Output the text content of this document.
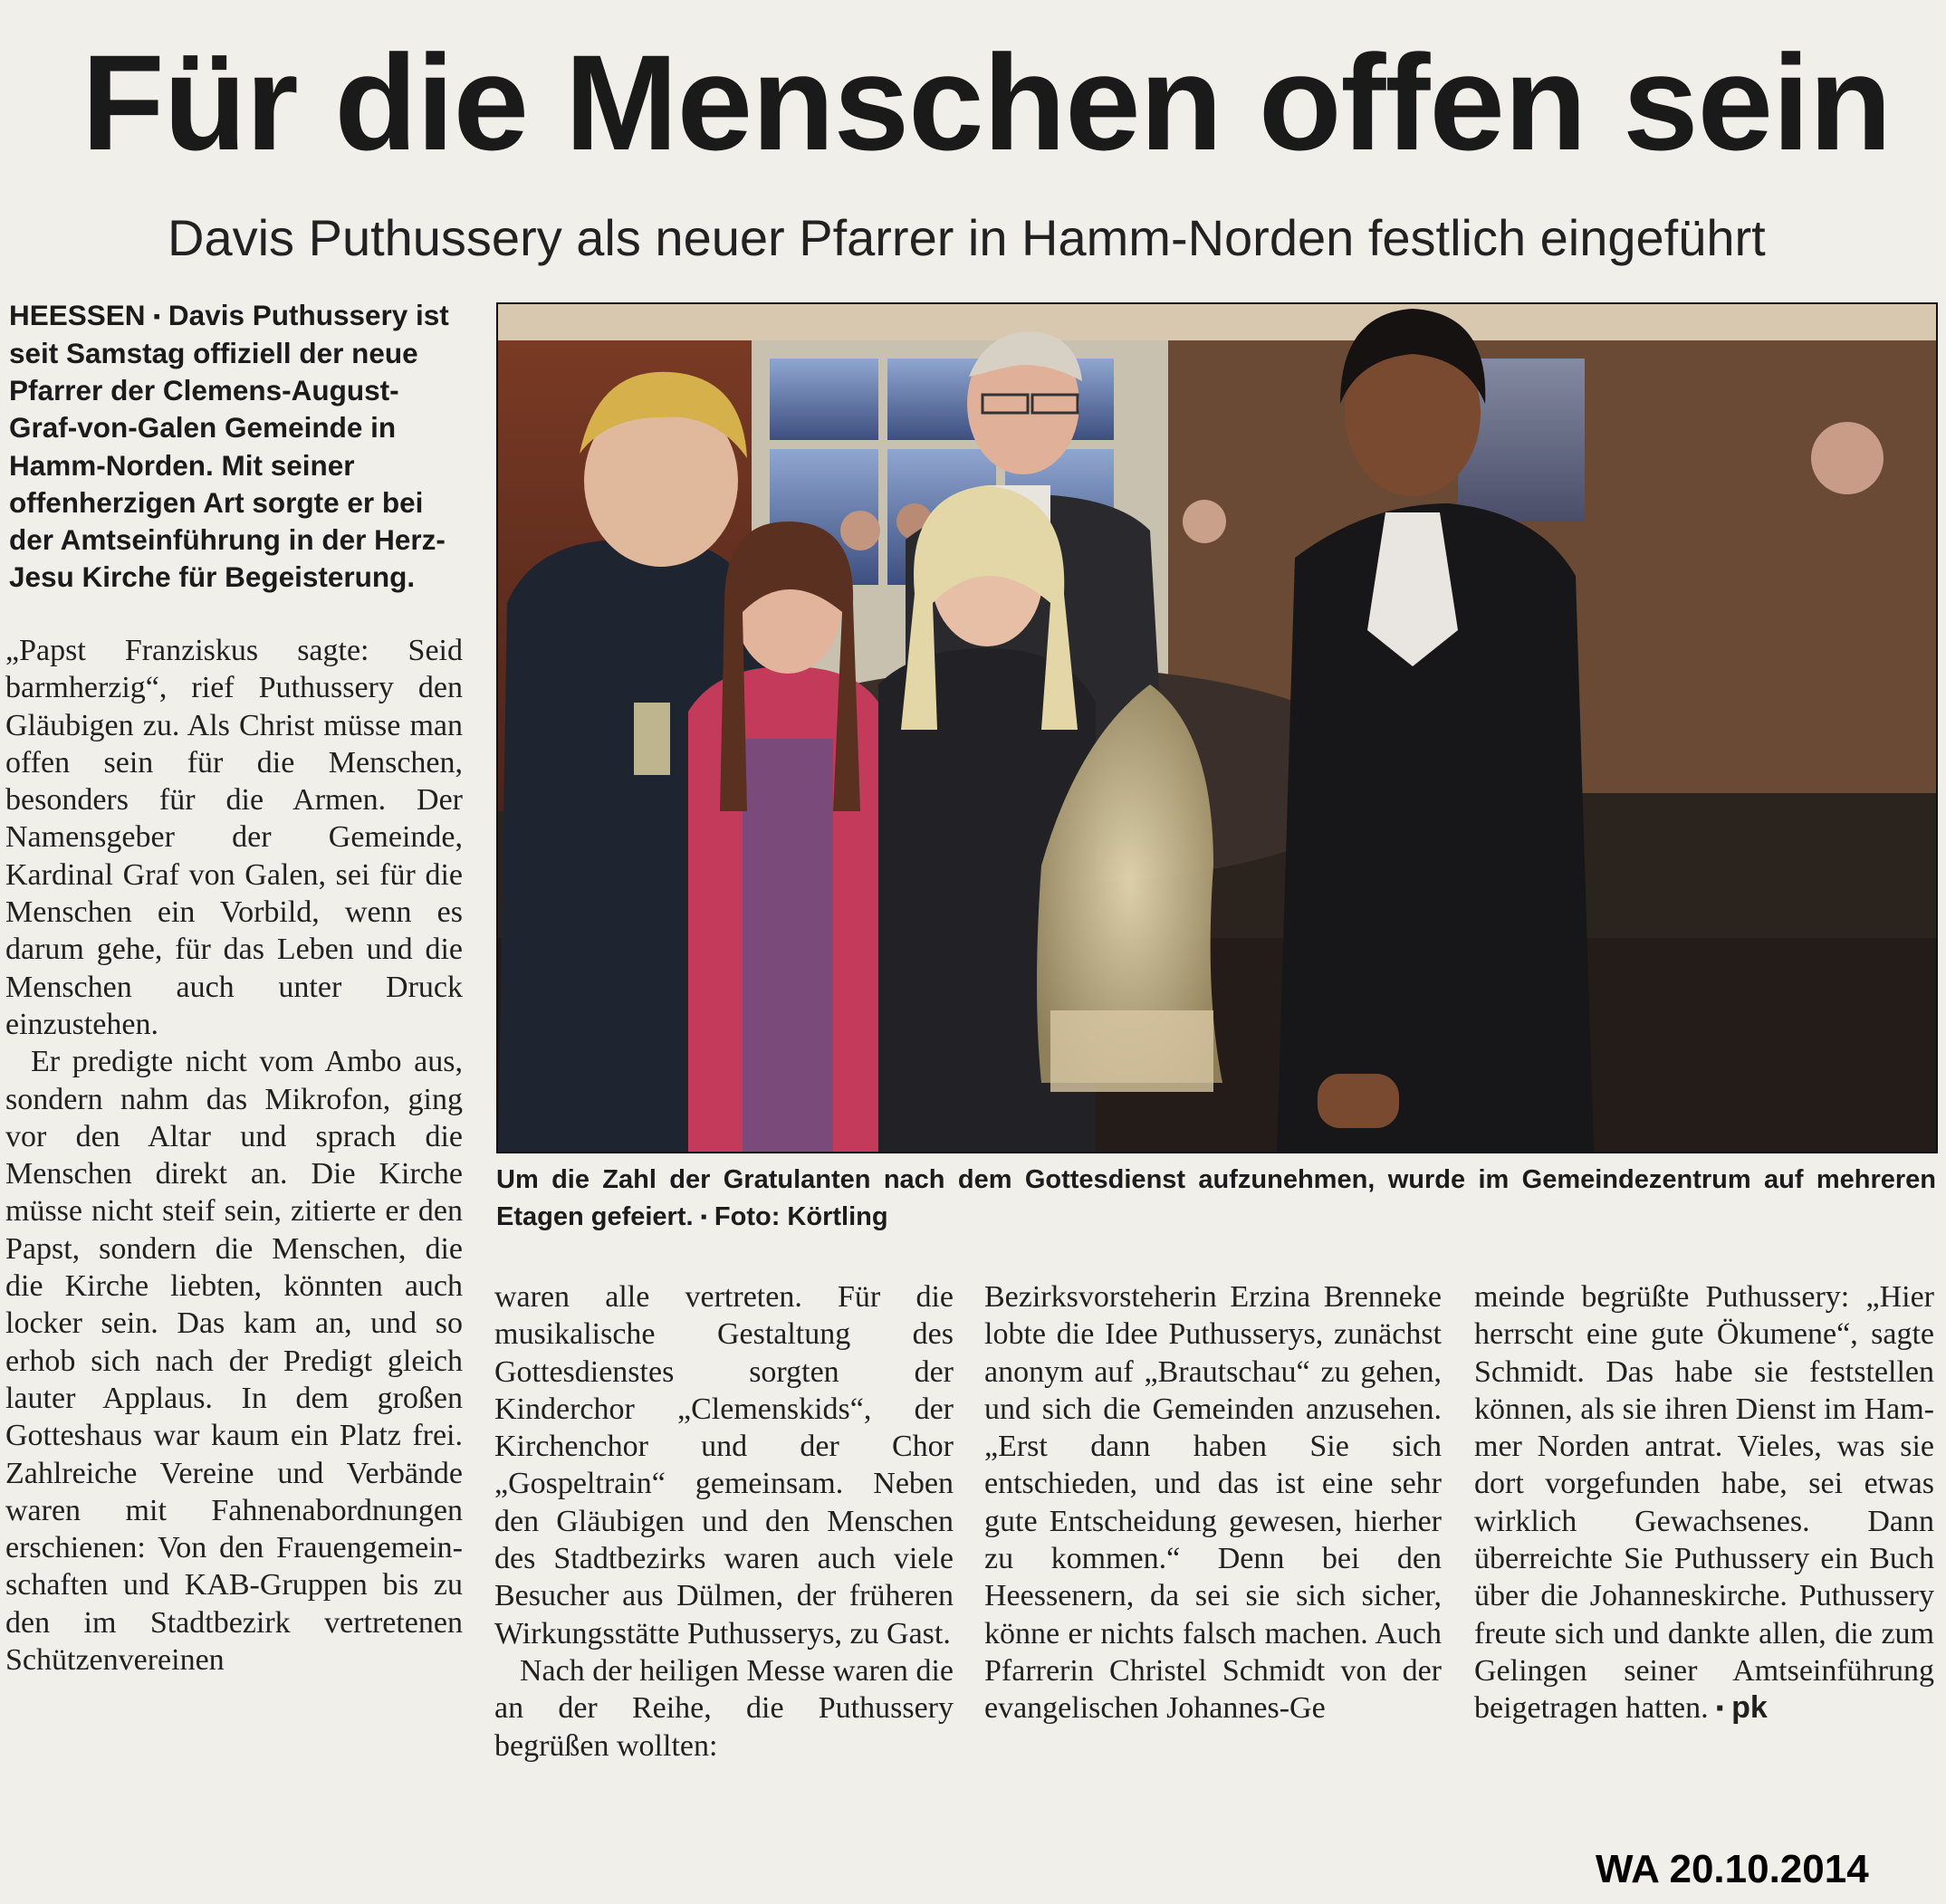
Für die Menschen offen sein
Davis Puthussery als neuer Pfarrer in Hamm-Norden festlich eingeführt
HEESSEN ▪ Davis Puthussery ist seit Samstag offiziell der neue Pfarrer der Clemens-August-Graf-von-Galen Gemeinde in Hamm-Norden. Mit seiner offenherzigen Art sorgte er bei der Amtseinführung in der Herz-Jesu Kirche für Begeisterung.

„Papst Franziskus sagte: Seid barmherzig“, rief Puthussery den Gläubigen zu. Als Christ müsse man offen sein für die Menschen, besonders für die Armen. Der Namensgeber der Gemeinde, Kardinal Graf von Galen, sei für die Menschen ein Vorbild, wenn es darum gehe, für das Leben und die Menschen auch unter Druck einzustehen.

Er predigte nicht vom Ambo aus, sondern nahm das Mikrofon, ging vor den Altar und sprach die Menschen direkt an. Die Kirche müsse nicht steif sein, zitierte er den Papst, sondern die Menschen, die die Kirche liebten, könnten auch locker sein. Das kam an, und so erhob sich nach der Predigt gleich lauter Applaus. In dem großen Gotteshaus war kaum ein Platz frei. Zahlreiche Vereine und Verbände waren mit Fahnenabordnungen erschienen: Von den Frauengemeinschaften und KAB-Gruppen bis zu den im Stadtbezirk vertretenen Schützenvereinen

Um die Zahl der Gratulanten nach dem Gottesdienst aufzunehmen, wurde im Gemeindezentrum auf mehreren Etagen gefeiert. ▪ Foto: Körtling

waren alle vertreten. Für die musikalische Gestaltung des Gottesdienstes sorgten der Kinderchor „Clemenskids“, der Kirchenchor und der Chor „Gospeltrain“ gemeinsam. Neben den Gläubigen und den Menschen des Stadtbezirks waren auch viele Besucher aus Dülmen, der früheren Wirkungsstätte Puthusserys, zu Gast.

Nach der heiligen Messe waren die an der Reihe, die Puthussery begrüßen wollten:

Bezirksvorsteherin Erzina Brenneke lobte die Idee Puthusserys, zunächst anonym auf „Brautschau“ zu gehen, und sich die Gemeinden anzusehen. „Erst dann haben Sie sich entschieden, und das ist eine sehr gute Entscheidung gewesen, hierher zu kommen.“ Denn bei den Heessenern, da sei sie sich sicher, könne er nichts falsch machen. Auch Pfarrerin Christel Schmidt von der evangelischen Johannes-Ge

meinde begrüßte Puthussery: „Hier herrscht eine gute Ökumene“, sagte Schmidt. Das habe sie feststellen können, als sie ihren Dienst im Hammer Norden antrat. Vieles, was sie dort vorgefunden habe, sei etwas wirklich Gewachsenes. Dann überreichte Sie Puthussery ein Buch über die Johanneskirche. Puthussery freute sich und dankte allen, die zum Gelingen seiner Amtseinführung beigetragen hatten. ▪ pk

WA 20.10.2014
